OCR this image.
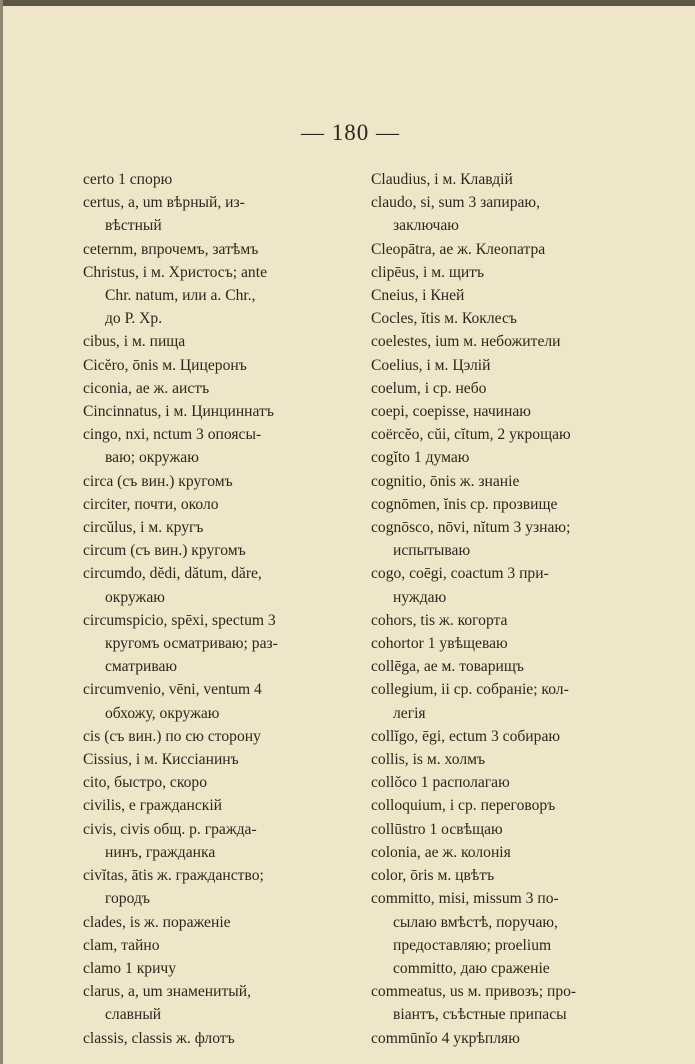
— 180 —
certo 1 спорю
certus, a, um вѣрный, из-
вѣстный
ceternm, впрочемъ, затѣмъ
Christus, i м. Христосъ; ante
Chr. natum, или a. Chr.,
до Р. Хр.
cibus, i м. пища
Cicĕro, ōnis м. Цицеронъ
ciconia, ae ж. аистъ
Cincinnatus, i м. Цинциннатъ
cingo, nxi, nctum 3 опоясы-
ваю; окружаю
circa (съ вин.) кругомъ
circiter, почти, около
circŭlus, i м. кругъ
circum (съ вин.) кругомъ
circumdo, dĕdi, dătum, dăre,
окружаю
circumspicio, spēxi, spectum 3
кругомъ осматриваю; раз-
сматриваю
circumvenio, vēni, ventum 4
обхожу, окружаю
cis (съ вин.) по сю сторону
Cissius, i м. Киссіанинъ
cito, быстро, скоро
civilis, e гражданскій
civis, civis общ. р. гражда-
нинъ, гражданка
civĭtas, ātis ж. гражданство;
городъ
clades, is ж. пораженіе
clam, тайно
clamo 1 кричу
clarus, a, um знаменитый,
славный
classis, classis ж. флотъ
Claudius, i м. Клавдій
claudo, si, sum 3 запираю,
заключаю
Cleopātra, ae ж. Клеопатра
clipēus, i м. щитъ
Cneius, i Кней
Cocles, ĭtis м. Коклесъ
coelestes, ium м. небожители
Coelius, i м. Цэлій
coelum, i ср. небо
coepi, coepisse, начинаю
coërcĕo, cŭi, cĭtum, 2 укрощаю
cogĭto 1 думаю
cognitio, ōnis ж. знаніе
cognōmen, ĭnis ср. прозвище
cognōsco, nōvi, nĭtum 3 узнаю;
испытываю
cogo, coēgi, coactum 3 при-
нуждаю
cohors, tis ж. когорта
cohortor 1 увѣщеваю
collēga, ae м. товарищъ
collegium, ii ср. собраніе; кол-
легія
collĭgo, ēgi, ectum 3 собираю
collis, is м. холмъ
collŏco 1 располагаю
colloquium, i ср. переговоръ
collūstro 1 освѣщаю
colonia, ae ж. колонія
color, ōris м. цвѣтъ
committo, misi, missum 3 по-
сылаю вмѣстѣ, поручаю,
предоставляю; proelium
committo, даю сраженіе
commeatus, us м. привозъ; про-
віантъ, съѣстные припасы
commūnĭo 4 укрѣпляю
